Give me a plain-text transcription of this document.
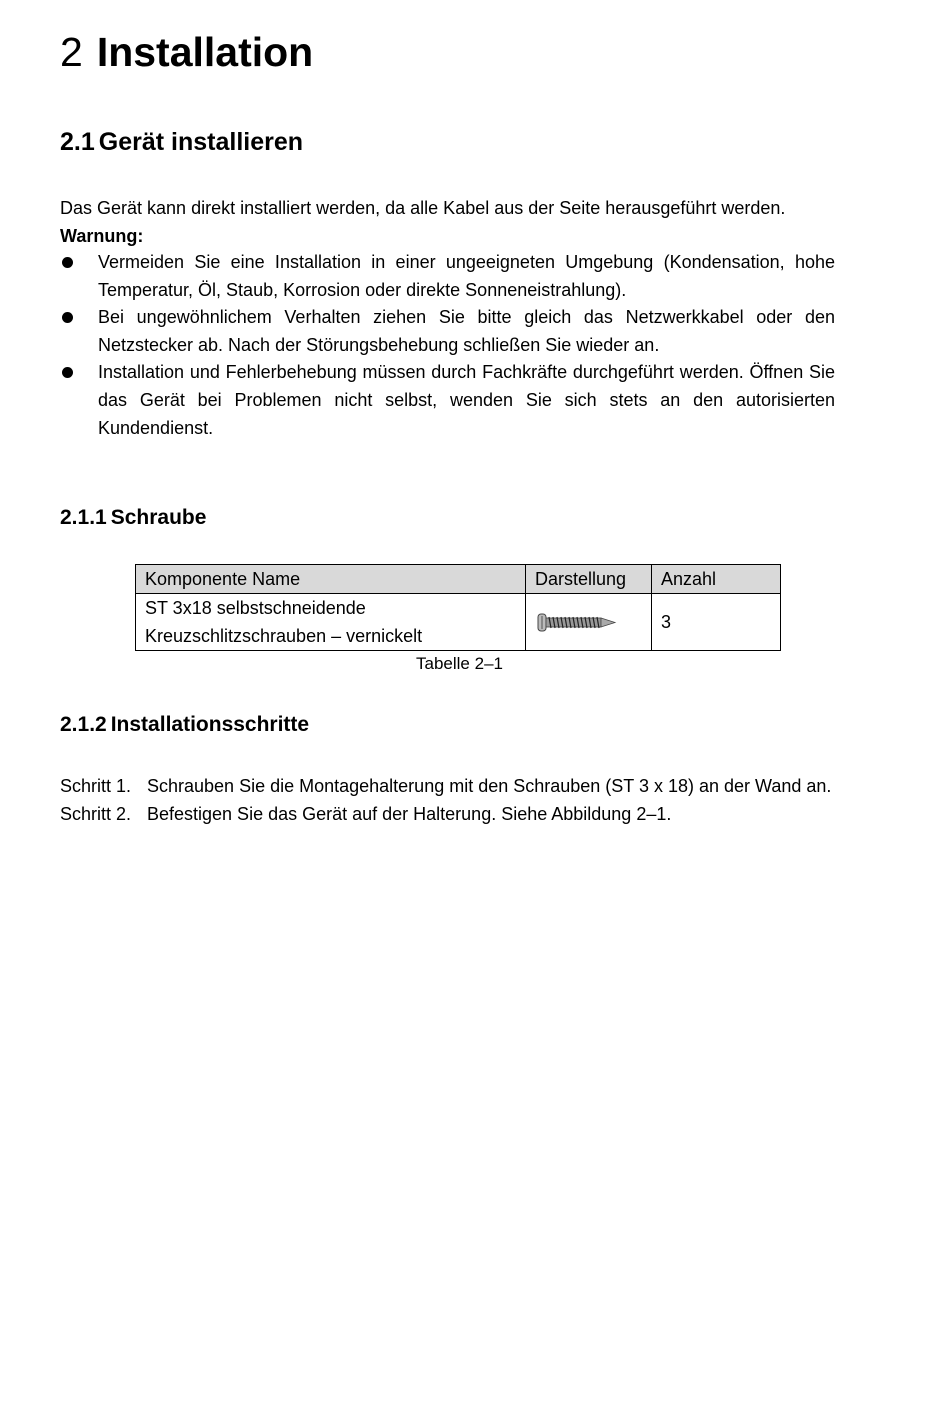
2 Installation
2.1 Gerät installieren
Das Gerät kann direkt installiert werden, da alle Kabel aus der Seite herausgeführt werden.
Warnung:
Vermeiden Sie eine Installation in einer ungeeigneten Umgebung (Kondensation, hohe Temperatur, Öl, Staub, Korrosion oder direkte Sonneneistrahlung).
Bei ungewöhnlichem Verhalten ziehen Sie bitte gleich das Netzwerkkabel oder den Netzstecker ab. Nach der Störungsbehebung schließen Sie wieder an.
Installation und Fehlerbehebung müssen durch Fachkräfte durchgeführt werden. Öffnen Sie das Gerät bei Problemen nicht selbst, wenden Sie sich stets an den autorisierten Kundendienst.
2.1.1 Schraube
Komponente Name	Darstellung	Anzahl

ST 3x18 selbstschneidende
Kreuzschlitzschrauben – vernickelt		3
Tabelle 2–1
2.1.2 Installationsschritte
Schritt 1. Schrauben Sie die Montagehalterung mit den Schrauben (ST 3 x 18) an der Wand an.
Schritt 2. Befestigen Sie das Gerät auf der Halterung. Siehe Abbildung 2–1.
